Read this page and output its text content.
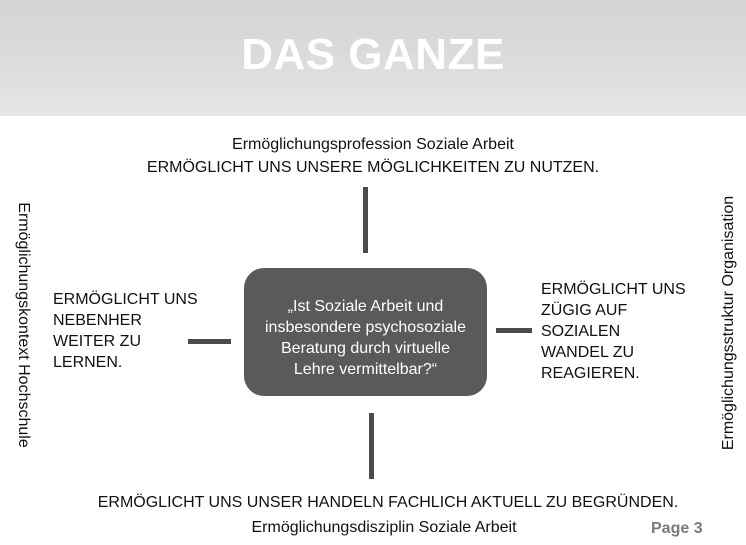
DAS GANZE
Ermöglichungsprofession Soziale Arbeit
ERMÖGLICHT UNS UNSERE MÖGLICHKEITEN ZU NUTZEN.
ERMÖGLICHT UNS
NEBENHER
WEITER ZU
LERNEN.
ERMÖGLICHT UNS
ZÜGIG AUF
SOZIALEN
WANDEL ZU
REAGIEREN.
Ermöglichungskontext Hochschule	Ermöglichungsstruktur Organisation
„Ist Soziale Arbeit und
insbesondere psychosoziale
Beratung durch virtuelle
Lehre vermittelbar?“
ERMÖGLICHT UNS UNSER HANDELN FACHLICH AKTUELL ZU BEGRÜNDEN.
Ermöglichungsdisziplin Soziale Arbeit	Page 3
